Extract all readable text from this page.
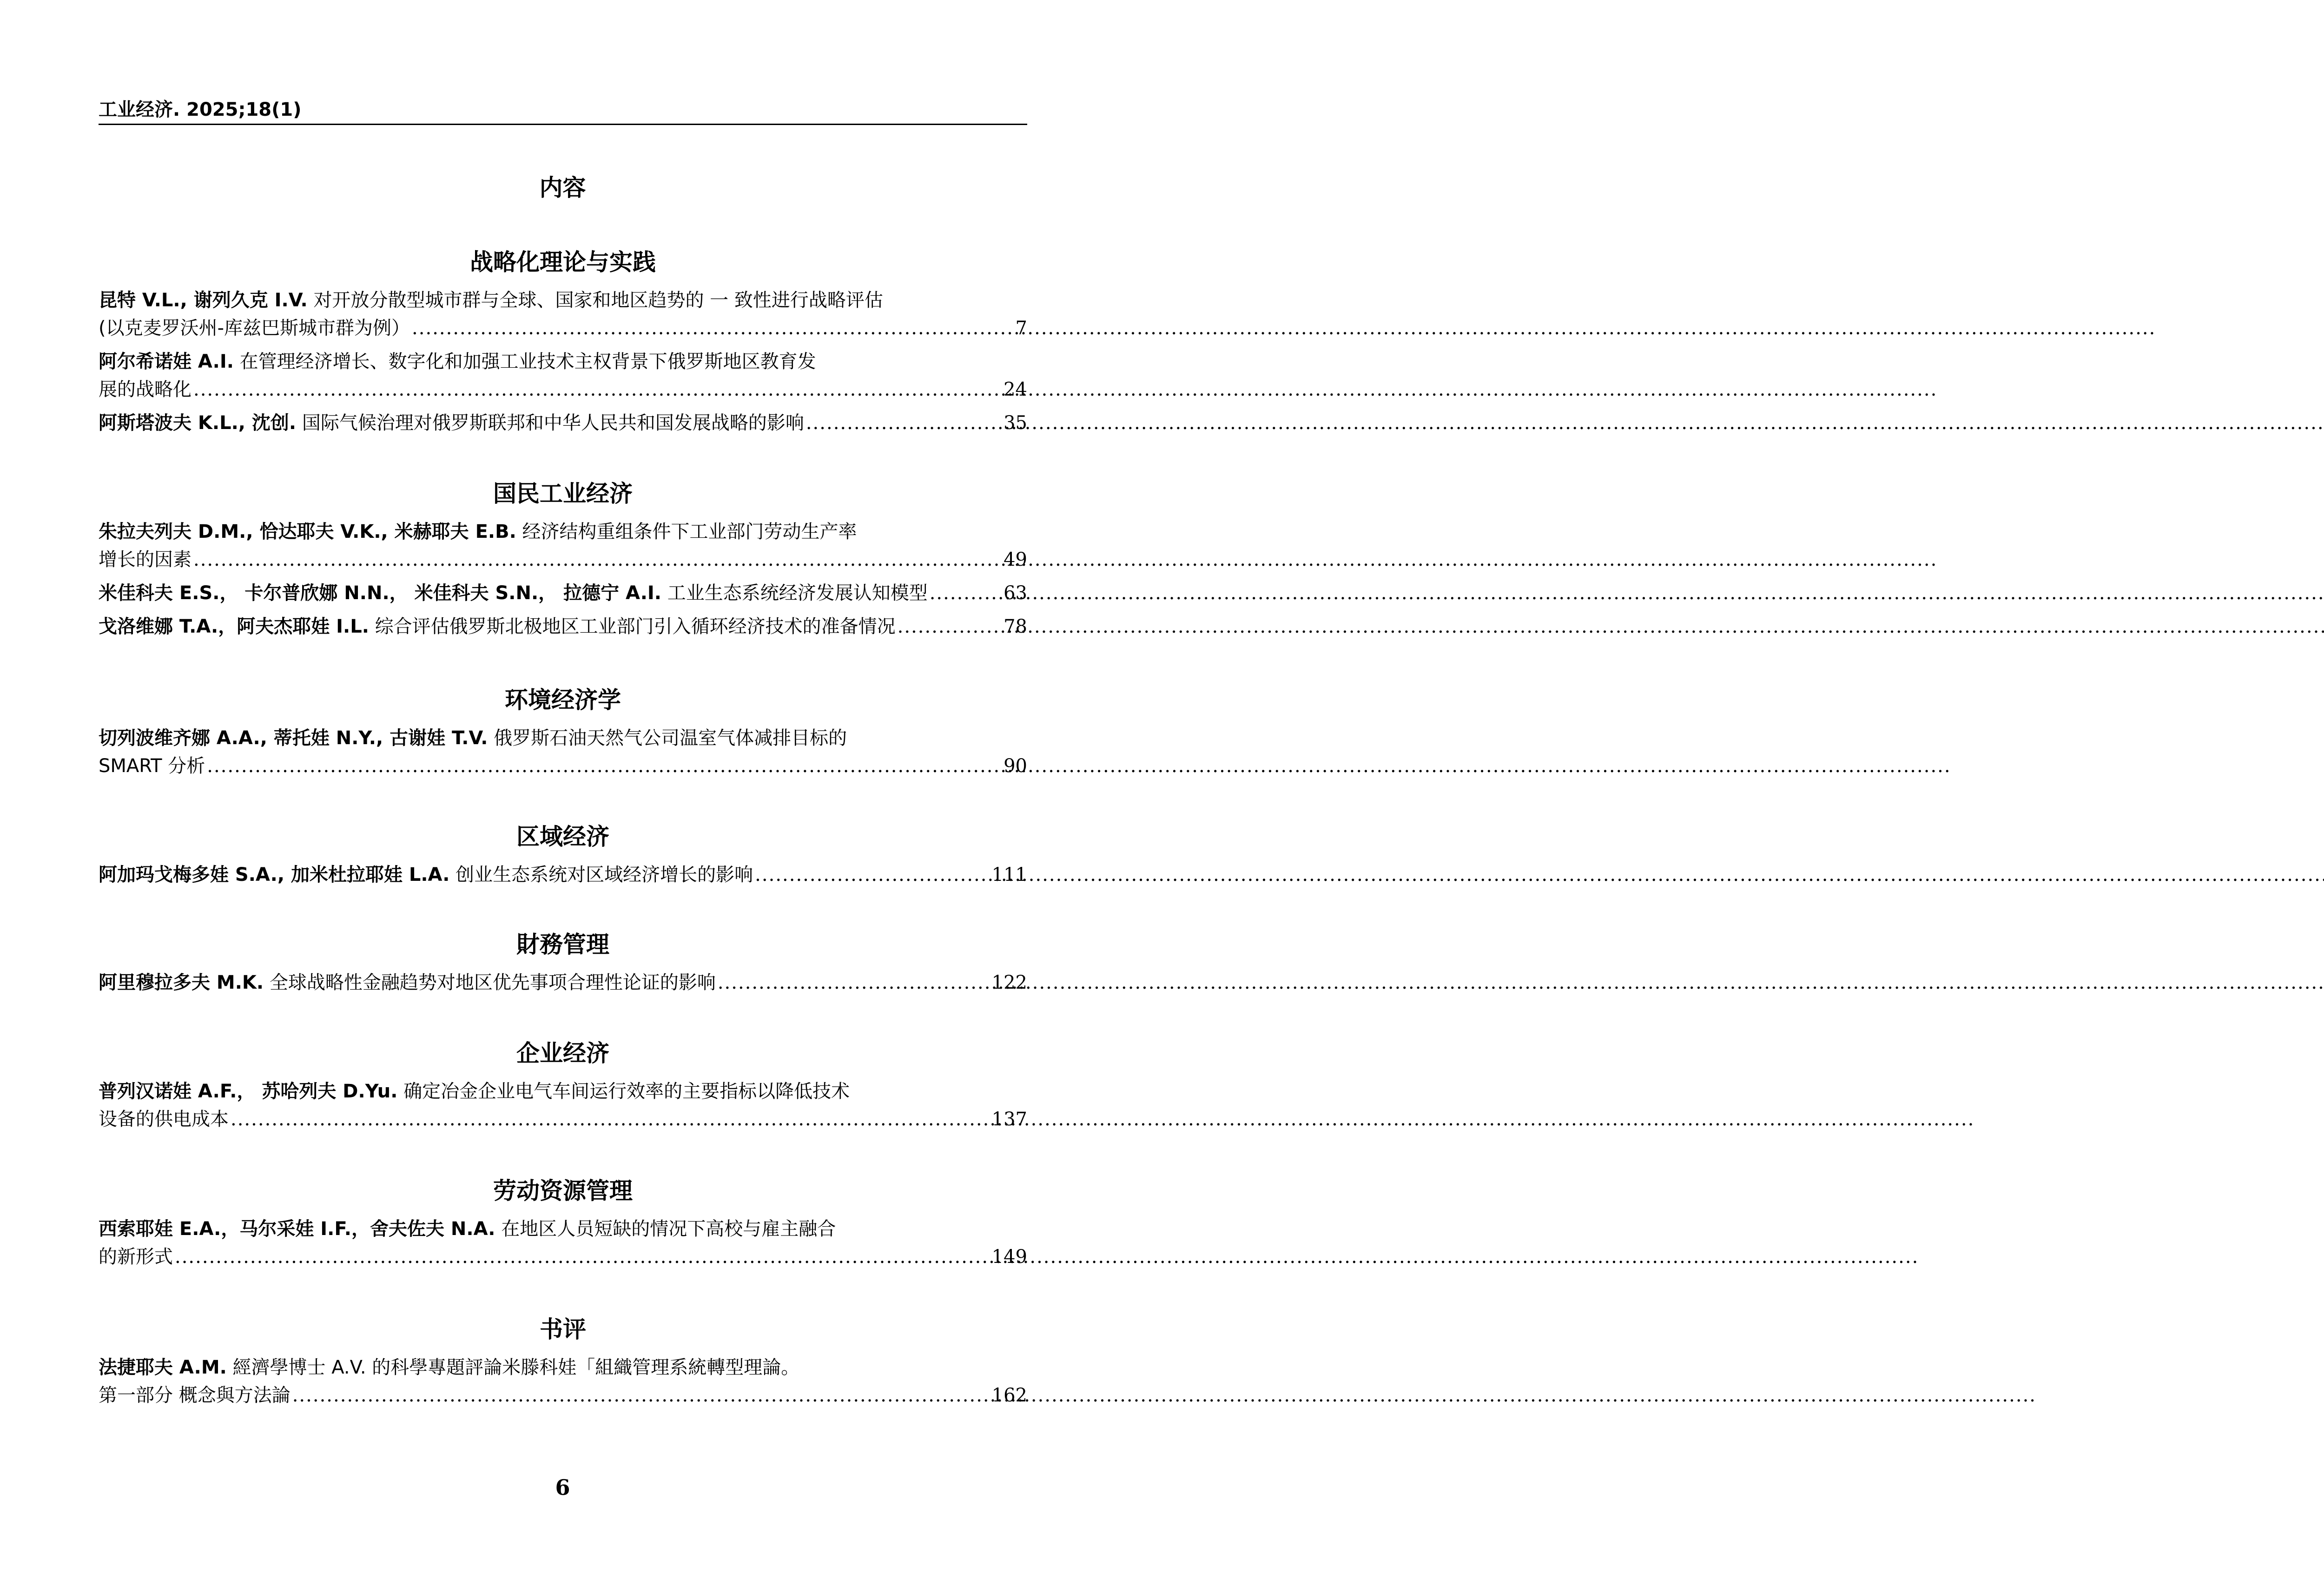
工业经济. 2025;18(1)
内容
战略化理论与实践
昆特 V.L., 谢列久克 I.V. 对开放分散型城市群与全球、国家和地区趋势的 一 致性进行战略评估
(以克麦罗沃州-库兹巴斯城市群为例） .....	7
阿尔希诺娃 A.I. 在管理经济增长、数字化和加强工业技术主权背景下俄罗斯地区教育发
展的战略化 .....	24
阿斯塔波夫 K.L., 沈创. 国际气候治理对俄罗斯联邦和中华人民共和国发展战略的影响 .....	35
国民工业经济
朱拉夫列夫 D.M., 恰达耶夫 V.K., 米赫耶夫 E.B. 经济结构重组条件下工业部门劳动生产率
增长的因素 .....	49
米佳科夫 E.S.， 卡尔普欣娜 N.N.， 米佳科夫 S.N.， 拉德宁 A.I. 工业生态系统经济发展认知模型 .....	63
戈洛维娜 T.A.，阿夫杰耶娃 I.L. 综合评估俄罗斯北极地区工业部门引入循环经济技术的准备情况 .....	78
环境经济学
切列波维齐娜 A.A., 蒂托娃 N.Y., 古谢娃 T.V. 俄罗斯石油天然气公司温室气体减排目标的
SMART 分析 .....	90
区域经济
阿加玛戈梅多娃 S.A., 加米杜拉耶娃 L.A. 创业生态系统对区域经济增长的影响 .....	111
財務管理
阿里穆拉多夫 M.K. 全球战略性金融趋势对地区优先事项合理性论证的影响 .....	122
企业经济
普列汉诺娃 A.F.， 苏哈列夫 D.Yu. 确定冶金企业电气车间运行效率的主要指标以降低技术
设备的供电成本 .....	137
劳动资源管理
西索耶娃 E.A.，马尔采娃 I.F.，舍夫佐夫 N.A. 在地区人员短缺的情况下高校与雇主融合
的新形式 .....	149
书评
法捷耶夫 A.M. 經濟學博士 A.V. 的科學專題評論米滕科娃「組織管理系統轉型理論。
第一部分 概念與方法論 .....	162
6
